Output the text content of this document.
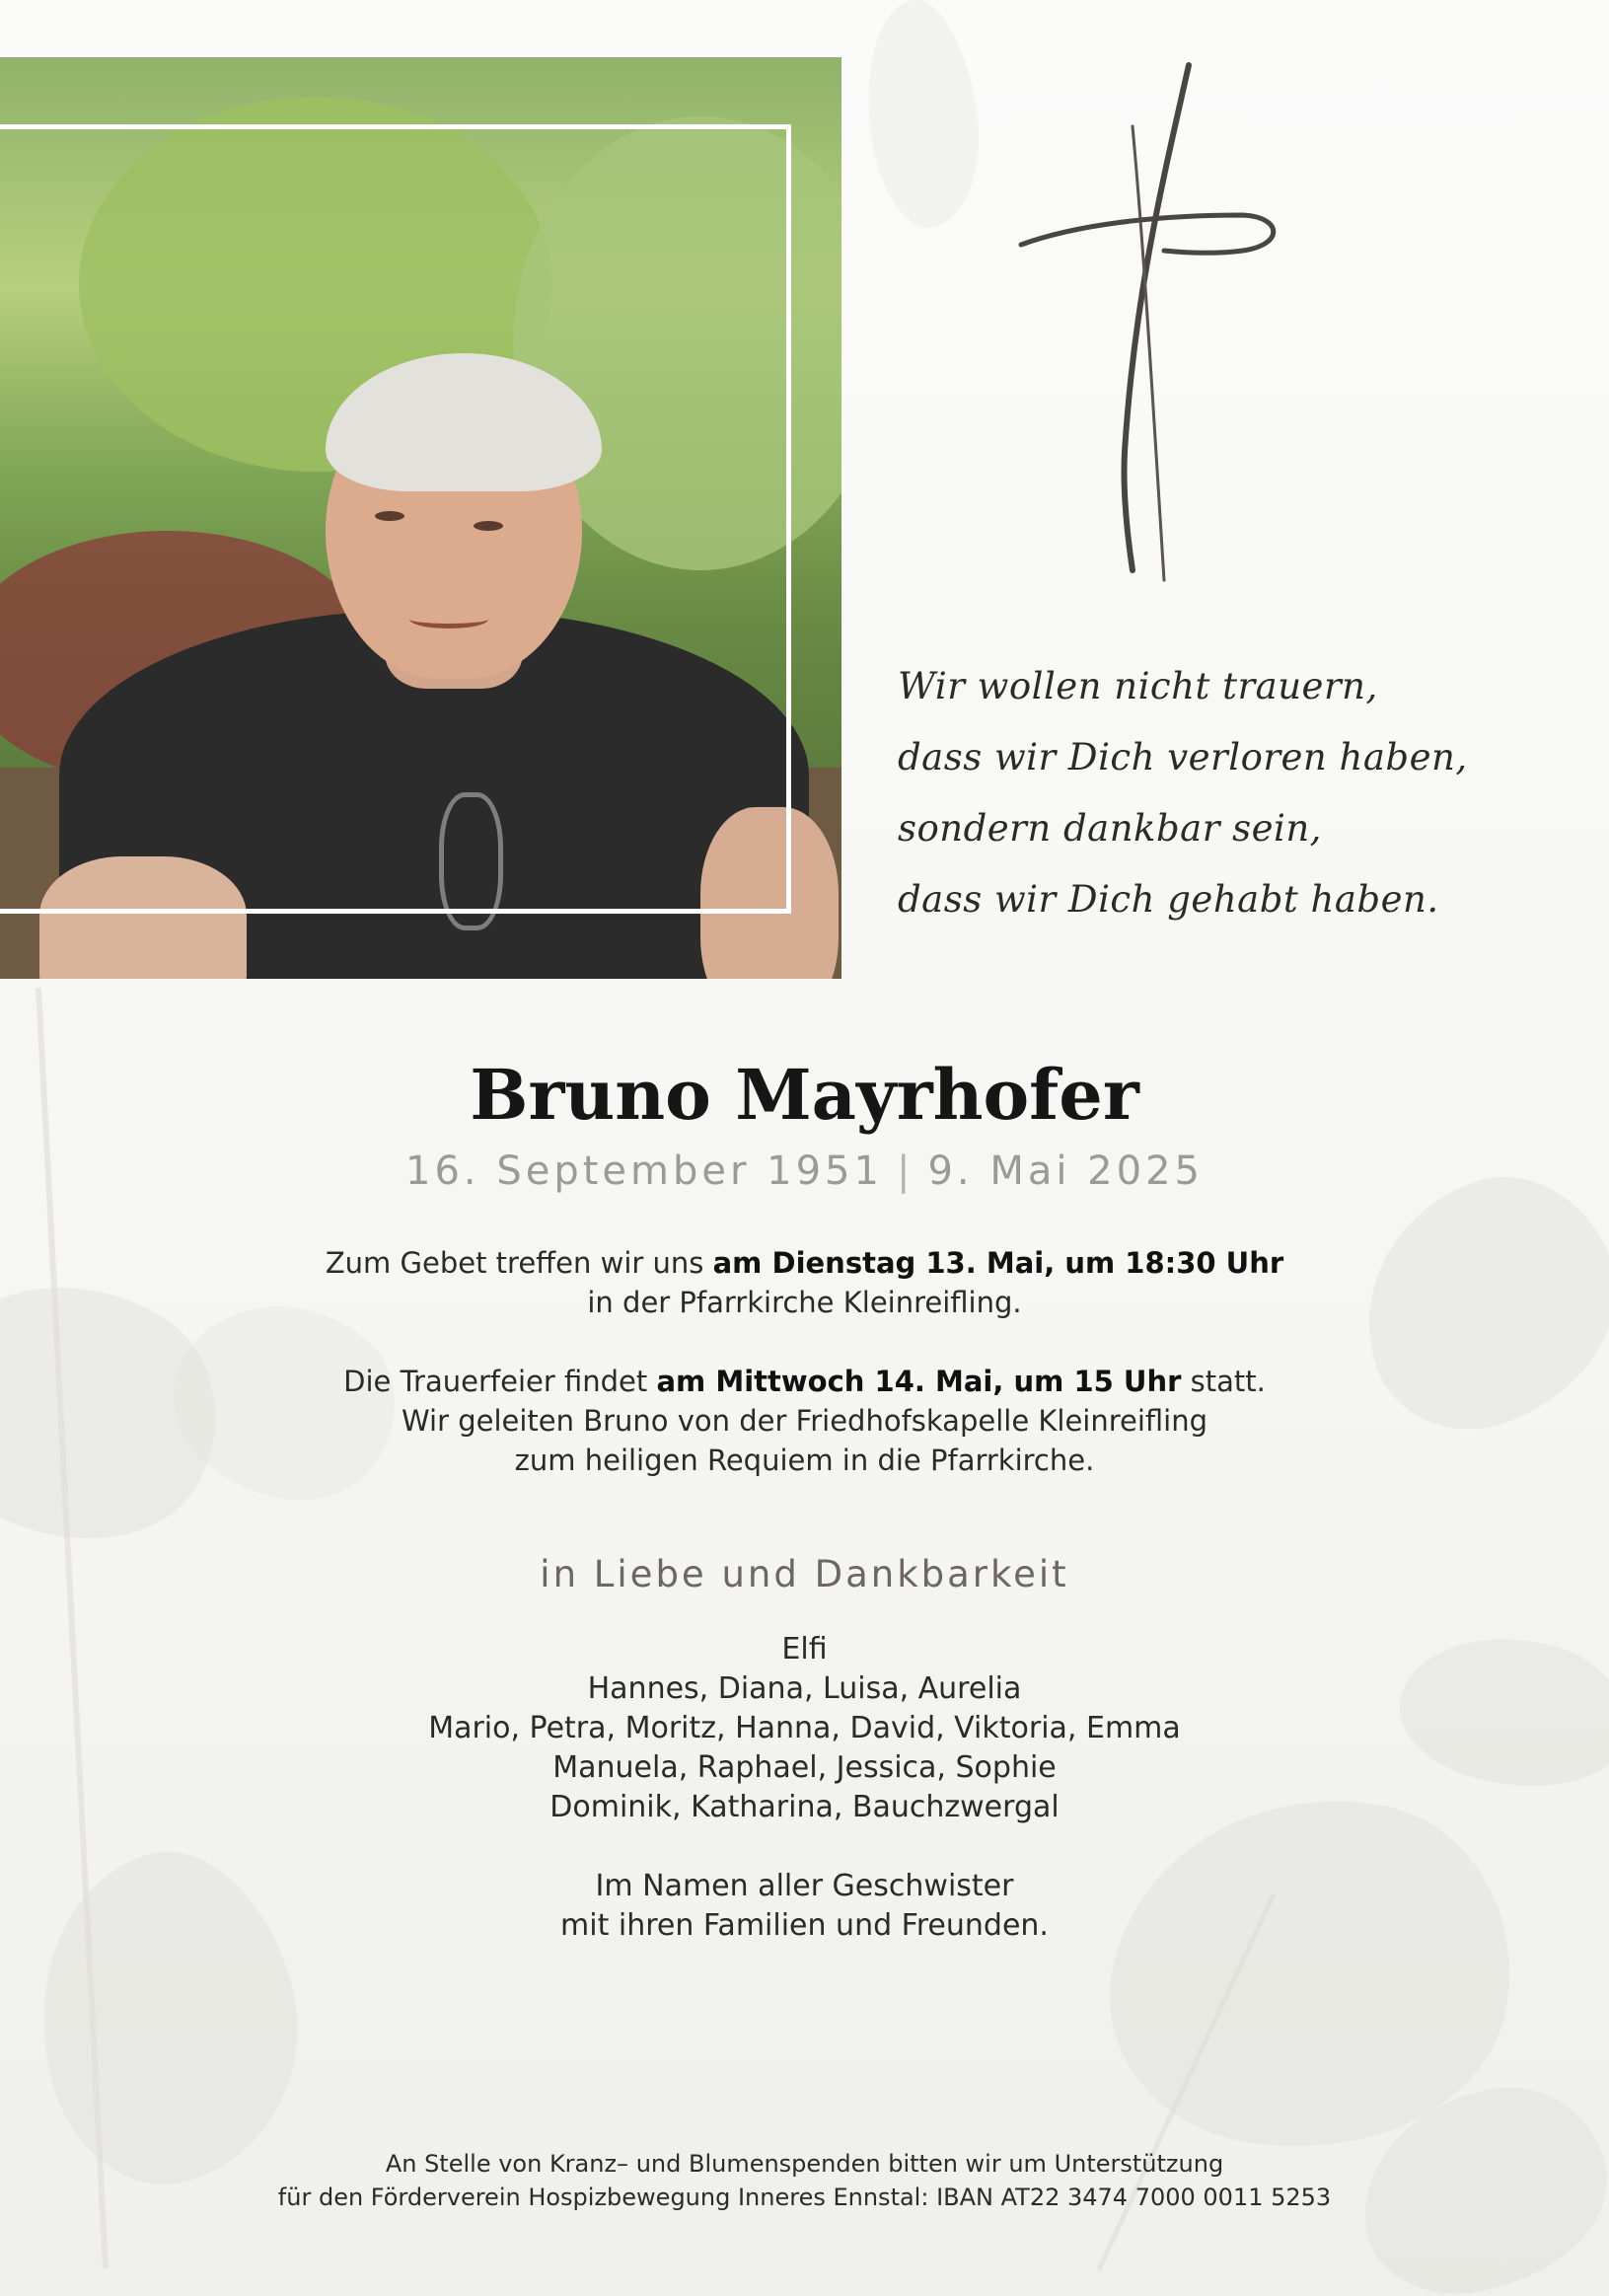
Wir wollen nicht trauern,
dass wir Dich verloren haben,
sondern dankbar sein,
dass wir Dich gehabt haben.
Bruno Mayrhofer
16. September 1951 | 9. Mai 2025
Zum Gebet treffen wir uns am Dienstag 13. Mai, um 18:30 Uhr
in der Pfarrkirche Kleinreifling.
Die Trauerfeier findet am Mittwoch 14. Mai, um 15 Uhr statt.
Wir geleiten Bruno von der Friedhofskapelle Kleinreifling
zum heiligen Requiem in die Pfarrkirche.
in Liebe und Dankbarkeit
Elfi
Hannes, Diana, Luisa, Aurelia
Mario, Petra, Moritz, Hanna, David, Viktoria, Emma
Manuela, Raphael, Jessica, Sophie
Dominik, Katharina, Bauchzwergal
Im Namen aller Geschwister
mit ihren Familien und Freunden.
An Stelle von Kranz– und Blumenspenden bitten wir um Unterstützung
für den Förderverein Hospizbewegung Inneres Ennstal: IBAN AT22 3474 7000 0011 5253
